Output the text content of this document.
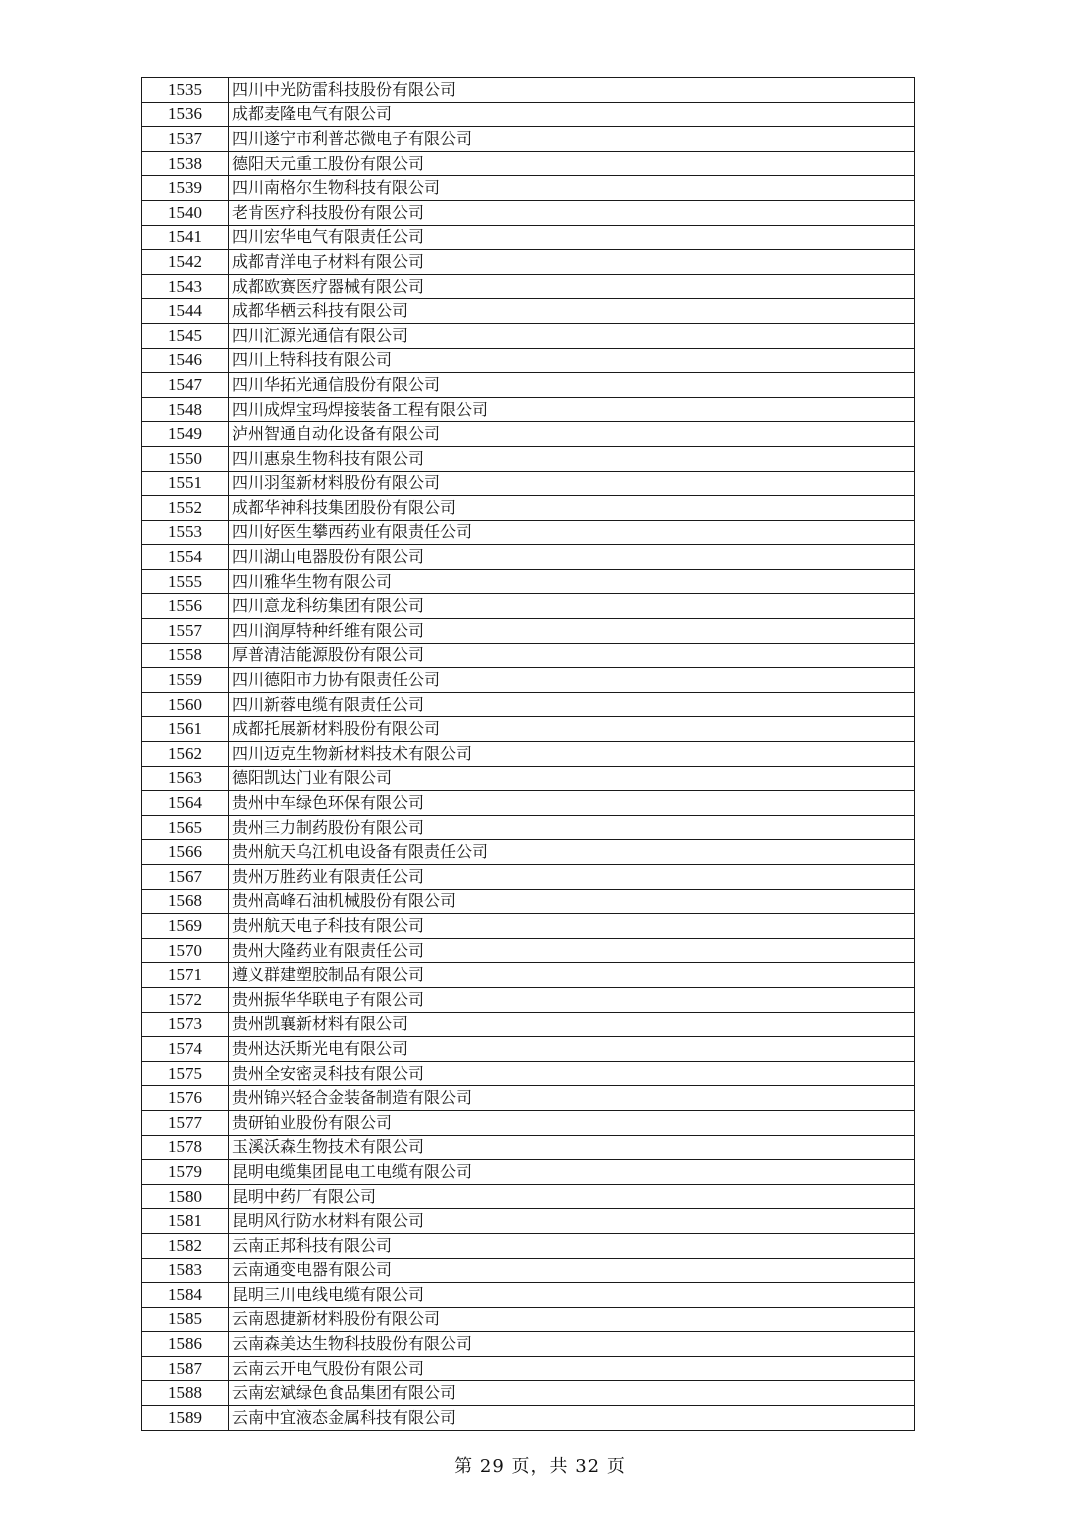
1535	四川中光防雷科技股份有限公司
1536	成都麦隆电气有限公司
1537	四川遂宁市利普芯微电子有限公司
1538	德阳天元重工股份有限公司
1539	四川南格尔生物科技有限公司
1540	老肯医疗科技股份有限公司
1541	四川宏华电气有限责任公司
1542	成都青洋电子材料有限公司
1543	成都欧赛医疗器械有限公司
1544	成都华栖云科技有限公司
1545	四川汇源光通信有限公司
1546	四川上特科技有限公司
1547	四川华拓光通信股份有限公司
1548	四川成焊宝玛焊接装备工程有限公司
1549	泸州智通自动化设备有限公司
1550	四川惠泉生物科技有限公司
1551	四川羽玺新材料股份有限公司
1552	成都华神科技集团股份有限公司
1553	四川好医生攀西药业有限责任公司
1554	四川湖山电器股份有限公司
1555	四川雅华生物有限公司
1556	四川意龙科纺集团有限公司
1557	四川润厚特种纤维有限公司
1558	厚普清洁能源股份有限公司
1559	四川德阳市力协有限责任公司
1560	四川新蓉电缆有限责任公司
1561	成都托展新材料股份有限公司
1562	四川迈克生物新材料技术有限公司
1563	德阳凯达门业有限公司
1564	贵州中车绿色环保有限公司
1565	贵州三力制药股份有限公司
1566	贵州航天乌江机电设备有限责任公司
1567	贵州万胜药业有限责任公司
1568	贵州高峰石油机械股份有限公司
1569	贵州航天电子科技有限公司
1570	贵州大隆药业有限责任公司
1571	遵义群建塑胶制品有限公司
1572	贵州振华华联电子有限公司
1573	贵州凯襄新材料有限公司
1574	贵州达沃斯光电有限公司
1575	贵州全安密灵科技有限公司
1576	贵州锦兴轻合金装备制造有限公司
1577	贵研铂业股份有限公司
1578	玉溪沃森生物技术有限公司
1579	昆明电缆集团昆电工电缆有限公司
1580	昆明中药厂有限公司
1581	昆明风行防水材料有限公司
1582	云南正邦科技有限公司
1583	云南通变电器有限公司
1584	昆明三川电线电缆有限公司
1585	云南恩捷新材料股份有限公司
1586	云南森美达生物科技股份有限公司
1587	云南云开电气股份有限公司
1588	云南宏斌绿色食品集团有限公司
1589	云南中宜液态金属科技有限公司
第 29 页，共 32 页
